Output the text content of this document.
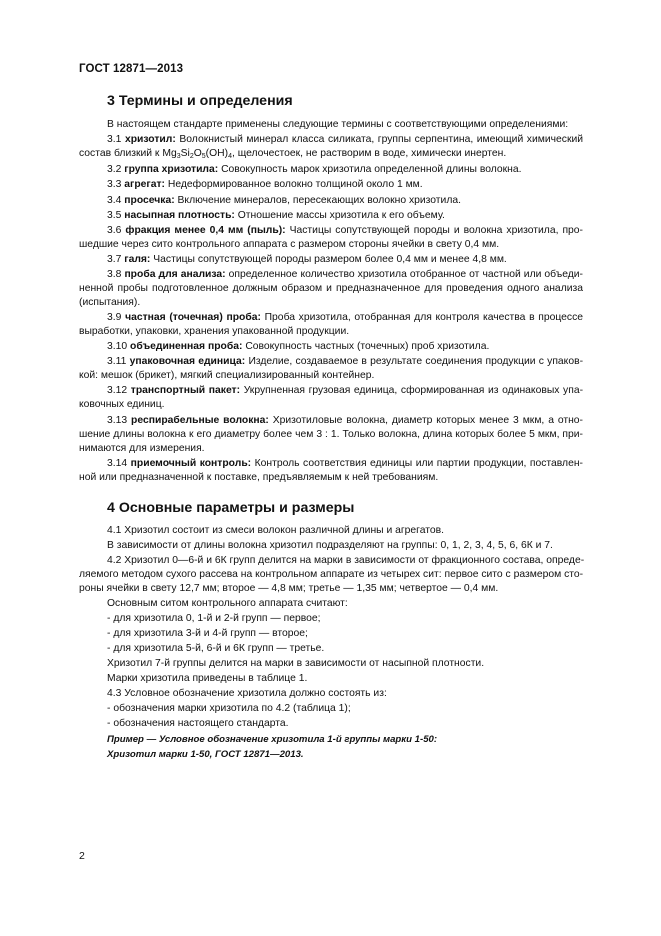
ГОСТ 12871—2013
3 Термины и определения
В настоящем стандарте применены следующие термины с соответствующими определениями:
3.1 хризотил: Волокнистый минерал класса силиката, группы серпентина, имеющий химический
состав близкий к $Mg_3Si_2O_5(OH)_4$, щелочестоек, не растворим в воде, химически инертен.
3.2 группа хризотила: Совокупность марок хризотила определенной длины волокна.
3.3 агрегат: Недеформированное волокно толщиной около 1 мм.
3.4 просечка: Включение минералов, пересекающих волокно хризотила.
3.5 насыпная плотность: Отношение массы хризотила к его объему.
3.6 фракция менее 0,4 мм (пыль): Частицы сопутствующей породы и волокна хризотила, про-
шедшие через сито контрольного аппарата с размером стороны ячейки в свету 0,4 мм.
3.7 галя: Частицы сопутствующей породы размером более 0,4 мм и менее 4,8 мм.
3.8 проба для анализа: определенное количество хризотила отобранное от частной или объеди-
ненной пробы подготовленное должным образом и предназначенное для проведения одного анализа
(испытания).
3.9 частная (точечная) проба: Проба хризотила, отобранная для контроля качества в процессе
выработки, упаковки, хранения упакованной продукции.
3.10 объединенная проба: Совокупность частных (точечных) проб хризотила.
3.11 упаковочная единица: Изделие, создаваемое в результате соединения продукции с упаков-
кой: мешок (брикет), мягкий специализированный контейнер.
3.12 транспортный пакет: Укрупненная грузовая единица, сформированная из одинаковых упа-
ковочных единиц.
3.13 респирабельные волокна: Хризотиловые волокна, диаметр которых менее 3 мкм, а отно-
шение длины волокна к его диаметру более чем 3 : 1. Только волокна, длина которых более 5 мкм, при-
нимаются для измерения.
3.14 приемочный контроль: Контроль соответствия единицы или партии продукции, поставлен-
ной или предназначенной к поставке, предъявляемым к ней требованиям.
4 Основные параметры и размеры
4.1 Хризотил состоит из смеси волокон различной длины и агрегатов.
В зависимости от длины волокна хризотил подразделяют на группы: 0, 1, 2, 3, 4, 5, 6, 6К и 7.
4.2 Хризотил 0—6-й и 6К групп делится на марки в зависимости от фракционного состава, опреде-
ляемого методом сухого рассева на контрольном аппарате из четырех сит: первое сито с размером сто-
роны ячейки в свету 12,7 мм; второе — 4,8 мм; третье — 1,35 мм; четвертое — 0,4 мм.
Основным ситом контрольного аппарата считают:
- для хризотила 0, 1-й и 2-й групп — первое;
- для хризотила 3-й и 4-й групп — второе;
- для хризотила 5-й, 6-й и 6К групп — третье.
Хризотил 7-й группы делится на марки в зависимости от насыпной плотности.
Марки хризотила приведены в таблице 1.
4.3 Условное обозначение хризотила должно состоять из:
- обозначения марки хризотила по 4.2 (таблица 1);
- обозначения настоящего стандарта.
Пример — Условное обозначение хризотила 1-й группы марки 1-50:
Хризотил марки 1-50, ГОСТ 12871—2013.
2
